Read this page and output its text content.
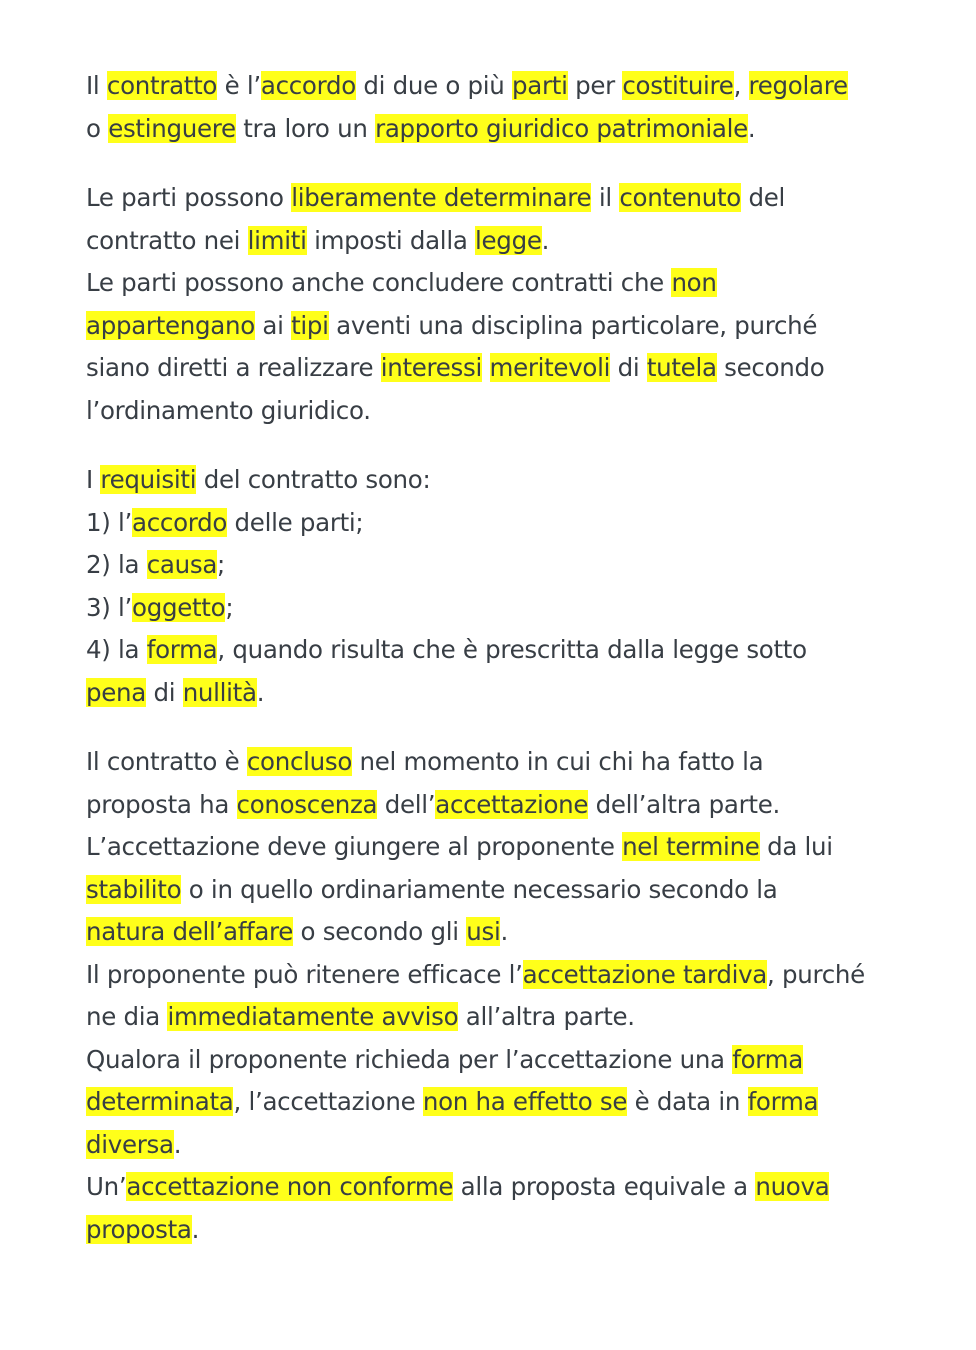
Il contratto è l’accordo di due o più parti per costituire, regolare
o estinguere tra loro un rapporto giuridico patrimoniale.
Le parti possono liberamente determinare il contenuto del
contratto nei limiti imposti dalla legge.
Le parti possono anche concludere contratti che non
appartengano ai tipi aventi una disciplina particolare, purché
siano diretti a realizzare interessi meritevoli di tutela secondo
l’ordinamento giuridico.
I requisiti del contratto sono:
1) l’accordo delle parti;
2) la causa;
3) l’oggetto;
4) la forma, quando risulta che è prescritta dalla legge sotto
pena di nullità.
Il contratto è concluso nel momento in cui chi ha fatto la
proposta ha conoscenza dell’accettazione dell’altra parte.
L’accettazione deve giungere al proponente nel termine da lui
stabilito o in quello ordinariamente necessario secondo la
natura dell’affare o secondo gli usi.
Il proponente può ritenere efficace l’accettazione tardiva, purché
ne dia immediatamente avviso all’altra parte.
Qualora il proponente richieda per l’accettazione una forma
determinata, l’accettazione non ha effetto se è data in forma
diversa.
Un’accettazione non conforme alla proposta equivale a nuova
proposta.
